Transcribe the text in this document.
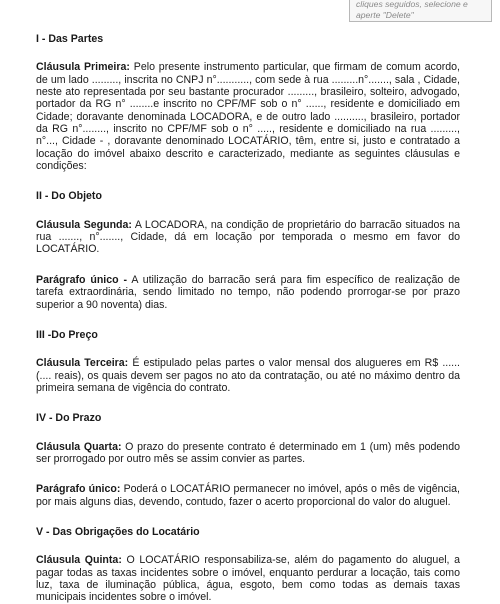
cliques seguidos, selecione e
aperte "Delete"
I - Das Partes

Cláusula Primeira: Pelo presente instrumento particular, que firmam de comum acordo, de um lado ........., inscrita no CNPJ n°..........., com sede à rua .........n°......., sala , Cidade, neste ato representada por seu bastante procurador ........., brasileiro, solteiro, advogado, portador da RG n° ........e inscrito no CPF/MF sob o n° ......, residente e domiciliado em Cidade; doravante denominada LOCADORA, e de outro lado .........., brasileiro, portador da RG n°........, inscrito no CPF/MF sob o n° ....., residente e domiciliado na rua ........., n°..., Cidade - , doravante denominado LOCATÁRIO, têm, entre si, justo e contratado a locação do imóvel abaixo descrito e caracterizado, mediante as seguintes cláusulas e condições:

II - Do Objeto

Cláusula Segunda: A LOCADORA, na condição de proprietário do barracão situados na rua ......., n°......., Cidade, dá em locação por temporada o mesmo em favor do LOCATÁRIO.

Parágrafo único - A utilização do barracão será para fim específico de realização de tarefa extraordinária, sendo limitado no tempo, não podendo prorrogar-se por prazo superior a 90 noventa) dias.

III -Do Preço

Cláusula Terceira: É estipulado pelas partes o valor mensal dos alugueres em R$ ...... (.... reais), os quais devem ser pagos no ato da contratação, ou até no máximo dentro da primeira semana de vigência do contrato.

IV - Do Prazo

Cláusula Quarta: O prazo do presente contrato é determinado em 1 (um) mês podendo ser prorrogado por outro mês se assim convier as partes.

Parágrafo único: Poderá o LOCATÁRIO permanecer no imóvel, após o mês de vigência, por mais alguns dias, devendo, contudo, fazer o acerto proporcional do valor do aluguel.

V - Das Obrigações do Locatário

Cláusula Quinta: O LOCATÁRIO responsabiliza-se, além do pagamento do aluguel, a pagar todas as taxas incidentes sobre o imóvel, enquanto perdurar a locação, tais como luz, taxa de iluminação pública, água, esgoto, bem como todas as demais taxas municipais incidentes sobre o imóvel.
